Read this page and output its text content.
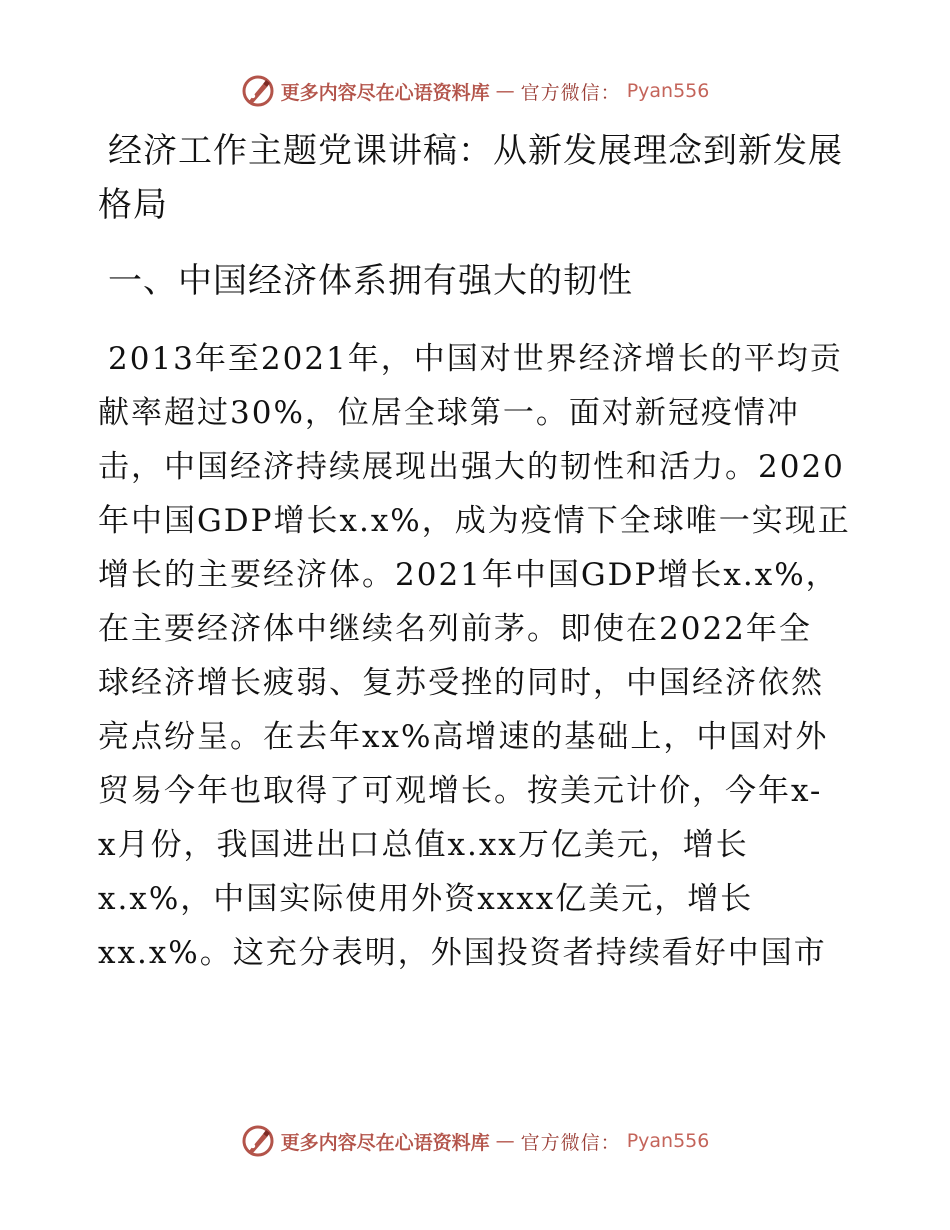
更多内容尽在心语资料库 — 官方微信： Pyan556
经济工作主题党课讲稿：从新发展理念到新发展
格局
一、中国经济体系拥有强大的韧性

2013年至2021年，中国对世界经济增长的平均贡
献率超过30%，位居全球第一。面对新冠疫情冲
击，中国经济持续展现出强大的韧性和活力。2020
年中国GDP增长x.x%，成为疫情下全球唯一实现正
增长的主要经济体。2021年中国GDP增长x.x%，
在主要经济体中继续名列前茅。即使在2022年全
球经济增长疲弱、复苏受挫的同时，中国经济依然
亮点纷呈。在去年xx%高增速的基础上，中国对外
贸易今年也取得了可观增长。按美元计价，今年x-
x月份，我国进出口总值x.xx万亿美元，增长
x.x%，中国实际使用外资xxxx亿美元，增长
xx.x%。这充分表明，外国投资者持续看好中国市

更多内容尽在心语资料库 — 官方微信： Pyan556
